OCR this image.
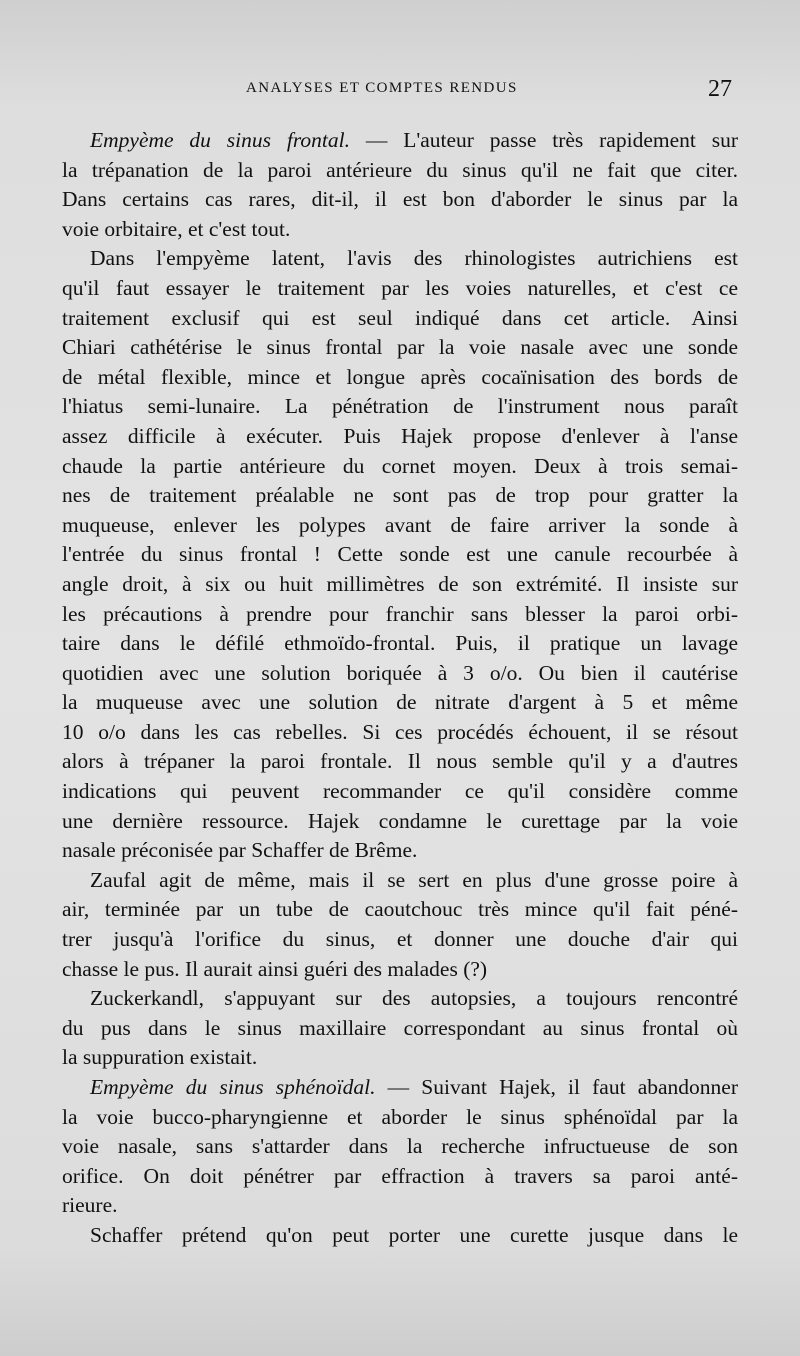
ANALYSES ET COMPTES RENDUS	27
Empyème du sinus frontal. — L'auteur passe très rapidement sur
la trépanation de la paroi antérieure du sinus qu'il ne fait que citer.
Dans certains cas rares, dit-il, il est bon d'aborder le sinus par la
voie orbitaire, et c'est tout.
Dans l'empyème latent, l'avis des rhinologistes autrichiens est
qu'il faut essayer le traitement par les voies naturelles, et c'est ce
traitement exclusif qui est seul indiqué dans cet article. Ainsi
Chiari cathétérise le sinus frontal par la voie nasale avec une sonde
de métal flexible, mince et longue après cocaïnisation des bords de
l'hiatus semi-lunaire. La pénétration de l'instrument nous paraît
assez difficile à exécuter. Puis Hajek propose d'enlever à l'anse
chaude la partie antérieure du cornet moyen. Deux à trois semai-
nes de traitement préalable ne sont pas de trop pour gratter la
muqueuse, enlever les polypes avant de faire arriver la sonde à
l'entrée du sinus frontal ! Cette sonde est une canule recourbée à
angle droit, à six ou huit millimètres de son extrémité. Il insiste sur
les précautions à prendre pour franchir sans blesser la paroi orbi-
taire dans le défilé ethmoïdo-frontal. Puis, il pratique un lavage
quotidien avec une solution boriquée à 3 o/o. Ou bien il cautérise
la muqueuse avec une solution de nitrate d'argent à 5 et même
10 o/o dans les cas rebelles. Si ces procédés échouent, il se résout
alors à trépaner la paroi frontale. Il nous semble qu'il y a d'autres
indications qui peuvent recommander ce qu'il considère comme
une dernière ressource. Hajek condamne le curettage par la voie
nasale préconisée par Schaffer de Brême.
Zaufal agit de même, mais il se sert en plus d'une grosse poire à
air, terminée par un tube de caoutchouc très mince qu'il fait péné-
trer jusqu'à l'orifice du sinus, et donner une douche d'air qui
chasse le pus. Il aurait ainsi guéri des malades (?)
Zuckerkandl, s'appuyant sur des autopsies, a toujours rencontré
du pus dans le sinus maxillaire correspondant au sinus frontal où
la suppuration existait.
Empyème du sinus sphénoïdal. — Suivant Hajek, il faut abandonner
la voie bucco-pharyngienne et aborder le sinus sphénoïdal par la
voie nasale, sans s'attarder dans la recherche infructueuse de son
orifice. On doit pénétrer par effraction à travers sa paroi anté-
rieure.
Schaffer prétend qu'on peut porter une curette jusque dans le
